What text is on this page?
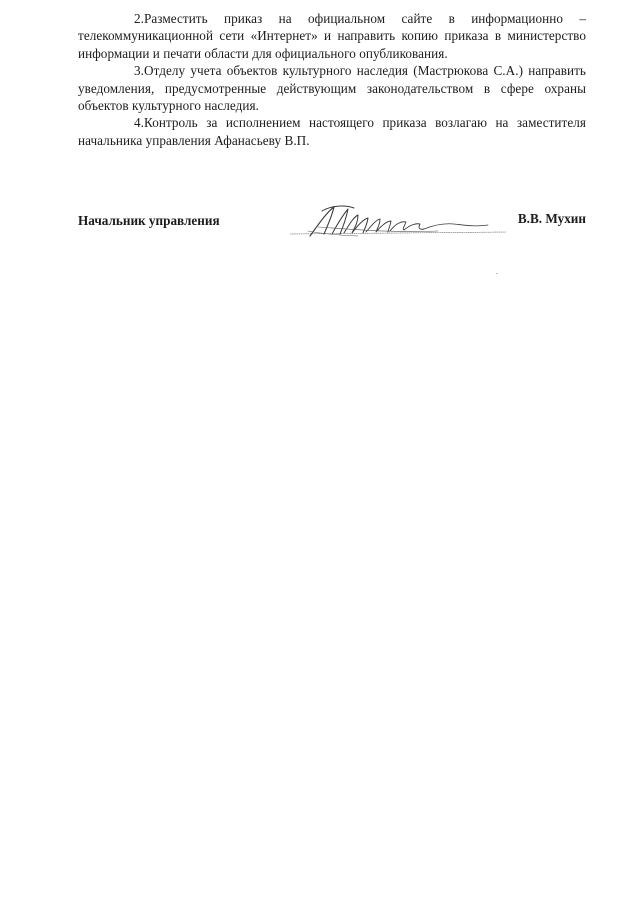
2.Разместить приказ на официальном сайте в информационно – телекоммуникационной сети «Интернет» и направить копию приказа в министерство информации и печати области для официального опубликования.

3.Отделу учета объектов культурного наследия (Мастрюкова С.А.) направить уведомления, предусмотренные действующим законодательством в сфере охраны объектов культурного наследия.

4.Контроль за исполнением настоящего приказа возлагаю на заместителя начальника управления Афанасьеву В.П.

Начальник управления	В.В. Мухин
